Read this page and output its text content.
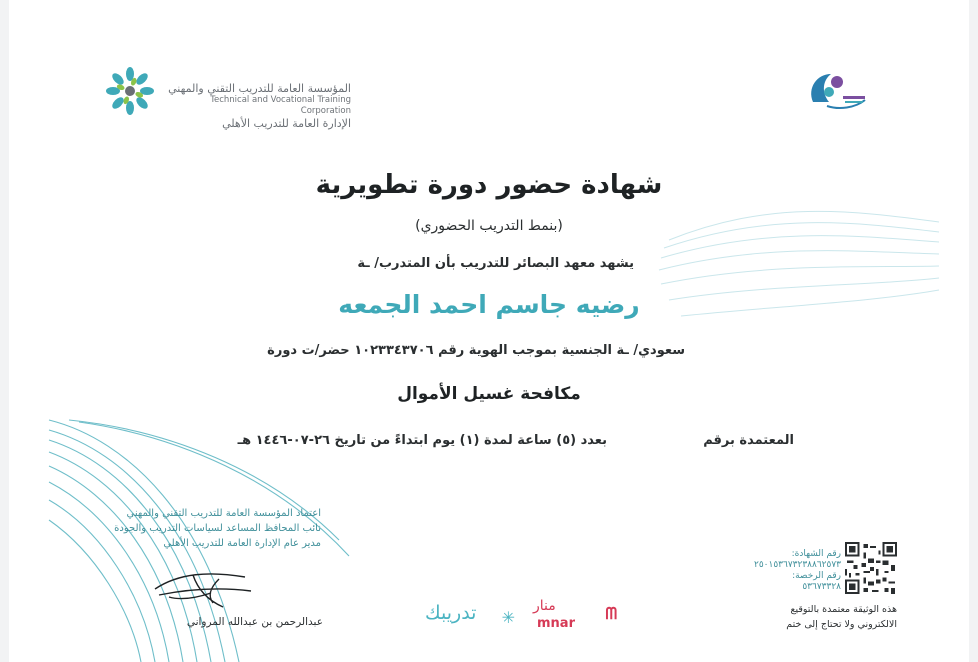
المؤسسة العامة للتدريب التقني والمهني
Technical and Vocational Training Corporation
الإدارة العامة للتدريب الأهلي
شهادة حضور دورة تطويرية
(بنمط التدريب الحضوري)
يشهد معهد البصائر للتدريب بأن المتدرب/ ـة
رضيه جاسم احمد الجمعه
سعودي/ ـة الجنسية بموجب الهوية رقم ١٠٢٣٣٤٣٧٠٦ حضر/ت دورة
مكافحة غسيل الأموال
المعتمدة برقم
بعدد (٥) ساعة لمدة (١) يوم ابتداءً من تاريخ ٢٦-٠٧-١٤٤٦ هـ
اعتماد المؤسسة العامة للتدريب التقني والمهني
نائب المحافظ المساعد لسياسات التدريب والجودة
مدير عام الإدارة العامة للتدريب الأهلي
عبدالرحمن بن عبدالله المرواني	تدريبك ✳
منار
mnar
ᗰ
رقم الشهادة:
٢٥٠١٥٣٦٧٣٢٣٨٨٦٢٥٧٣
رقم الرخصة:
٥٣٦٧٣٣٢٨
هذه الوثيقة معتمدة بالتوقيع
الالكتروني ولا تحتاج إلى ختم
